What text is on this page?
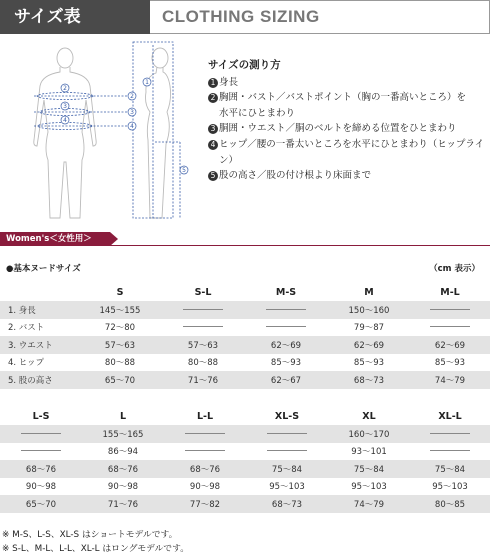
サイズ表	CLOTHING SIZING
1
2
2
3
3
4
4
5
サイズの測り方
1 身長
2 胸囲・バスト／バストポイント（胸の一番高いところ）を
水平にひとまわり
3 胴囲・ウエスト／胴のベルトを締める位置をひとまわり
4 ヒップ／腰の一番太いところを水平にひとまわり（ヒップライン）
5 股の高さ／股の付け根より床面まで
Women's＜女性用＞
●基本ヌードサイズ	（cm 表示）
	S	S-L	M-S	M	M-L
1. 身長	145〜155			150〜160	
2. バスト	72〜80			79〜87	
3. ウエスト	57〜63	57〜63	62〜69	62〜69	62〜69
4. ヒップ	80〜88	80〜88	85〜93	85〜93	85〜93
5. 股の高さ	65〜70	71〜76	62〜67	68〜73	74〜79
L-S	L	L-L	XL-S	XL	XL-L
	155〜165			160〜170	
	86〜94			93〜101	
68〜76	68〜76	68〜76	75〜84	75〜84	75〜84
90〜98	90〜98	90〜98	95〜103	95〜103	95〜103
65〜70	71〜76	77〜82	68〜73	74〜79	80〜85
※ M-S、L-S、XL-S はショートモデルです。
※ S-L、M-L、L-L、XL-L はロングモデルです。
